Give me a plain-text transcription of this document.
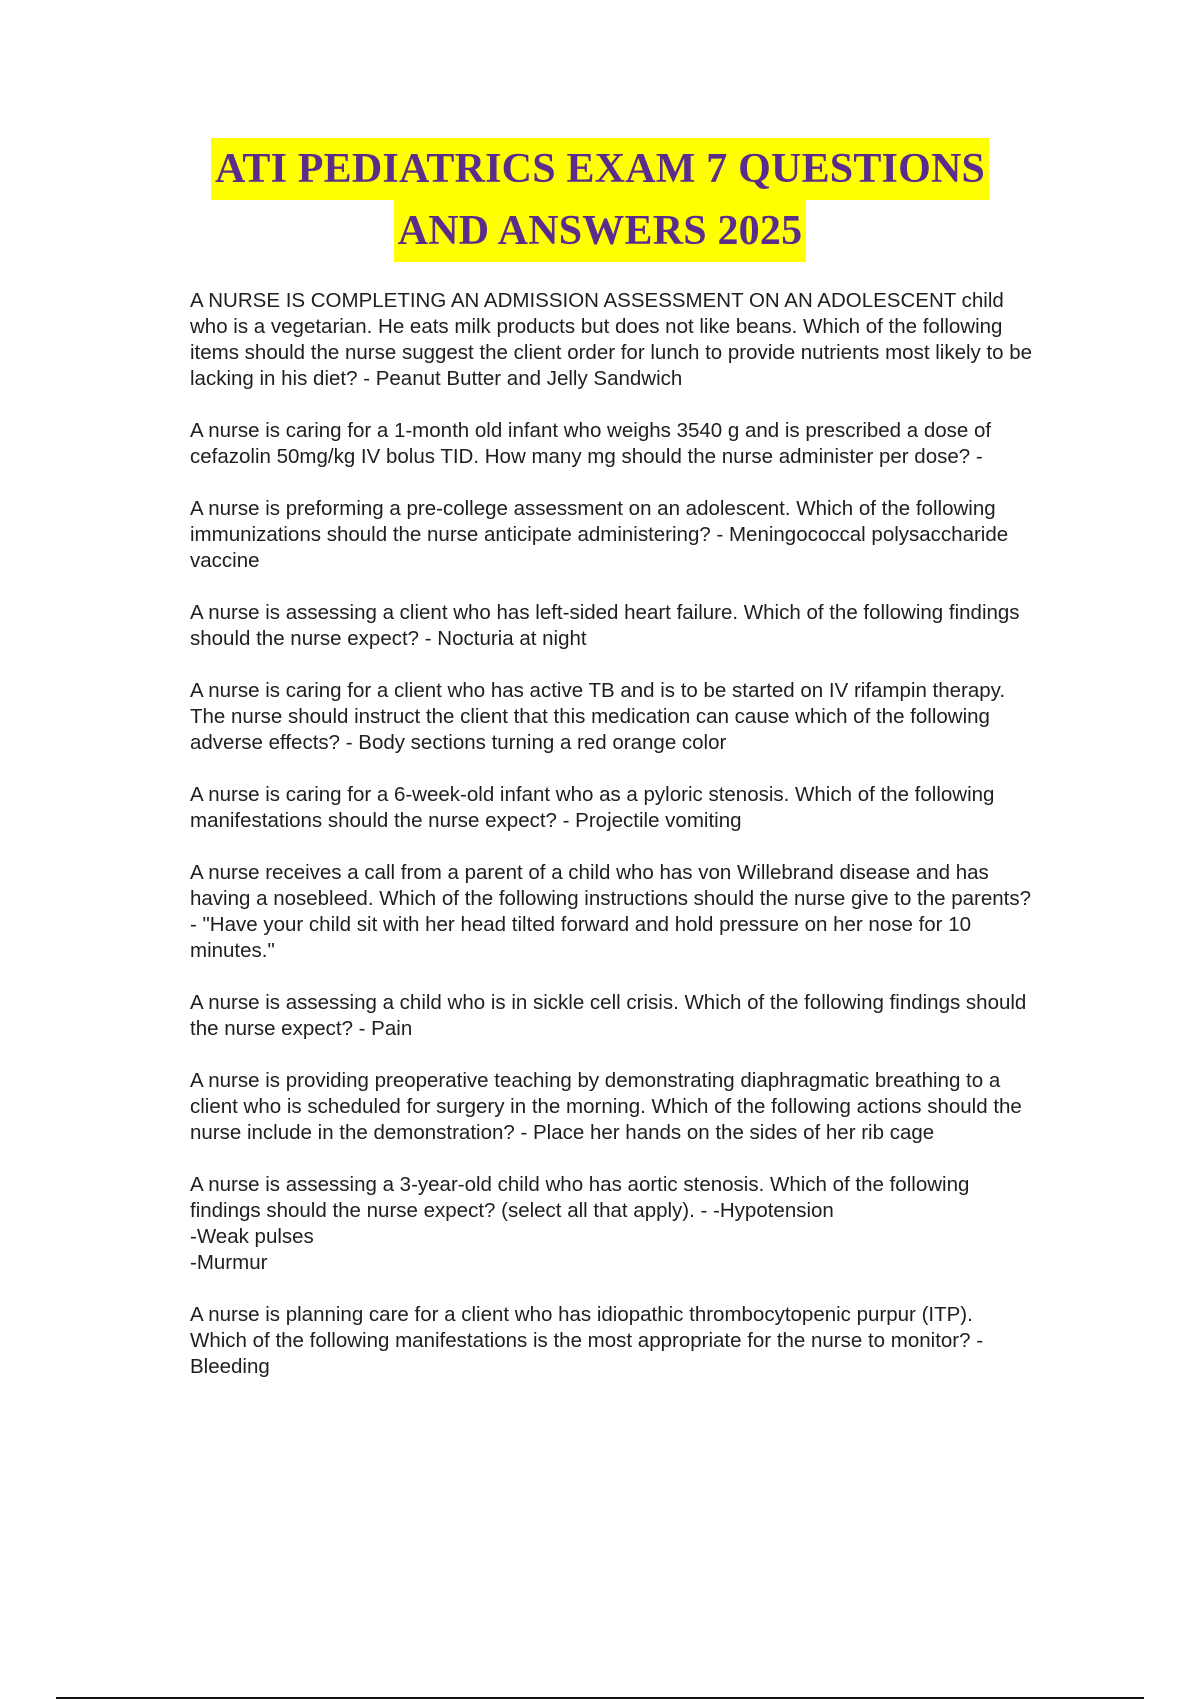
ATI PEDIATRICS EXAM 7 QUESTIONS
AND ANSWERS 2025

A NURSE IS COMPLETING AN ADMISSION ASSESSMENT ON AN ADOLESCENT child who is a vegetarian. He eats milk products but does not like beans. Which of the following items should the nurse suggest the client order for lunch to provide nutrients most likely to be lacking in his diet? - Peanut Butter and Jelly Sandwich

A nurse is caring for a 1-month old infant who weighs 3540 g and is prescribed a dose of cefazolin 50mg/kg IV bolus TID. How many mg should the nurse administer per dose? -

A nurse is preforming a pre-college assessment on an adolescent. Which of the following immunizations should the nurse anticipate administering? - Meningococcal polysaccharide vaccine

A nurse is assessing a client who has left-sided heart failure. Which of the following findings should the nurse expect? - Nocturia at night

A nurse is caring for a client who has active TB and is to be started on IV rifampin therapy. The nurse should instruct the client that this medication can cause which of the following adverse effects? - Body sections turning a red orange color

A nurse is caring for a 6-week-old infant who as a pyloric stenosis. Which of the following manifestations should the nurse expect? - Projectile vomiting

A nurse receives a call from a parent of a child who has von Willebrand disease and has having a nosebleed. Which of the following instructions should the nurse give to the parents? - "Have your child sit with her head tilted forward and hold pressure on her nose for 10 minutes."

A nurse is assessing a child who is in sickle cell crisis. Which of the following findings should the nurse expect? - Pain

A nurse is providing preoperative teaching by demonstrating diaphragmatic breathing to a client who is scheduled for surgery in the morning. Which of the following actions should the nurse include in the demonstration? - Place her hands on the sides of her rib cage

A nurse is assessing a 3-year-old child who has aortic stenosis. Which of the following findings should the nurse expect? (select all that apply). - -Hypotension
-Weak pulses
-Murmur

A nurse is planning care for a client who has idiopathic thrombocytopenic purpur (ITP). Which of the following manifestations is the most appropriate for the nurse to monitor? - Bleeding
